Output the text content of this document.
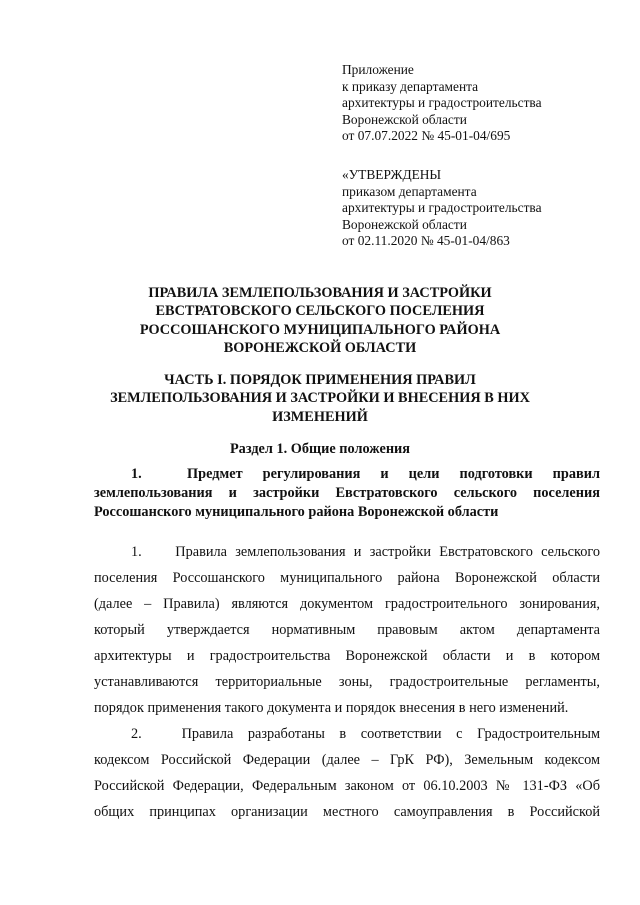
Приложение
к приказу департамента
архитектуры и градостроительства
Воронежской области
от 07.07.2022 № 45-01-04/695
«УТВЕРЖДЕНЫ
приказом департамента
архитектуры и градостроительства
Воронежской области
от 02.11.2020 № 45-01-04/863
ПРАВИЛА ЗЕМЛЕПОЛЬЗОВАНИЯ И ЗАСТРОЙКИ
ЕВСТРАТОВСКОГО СЕЛЬСКОГО ПОСЕЛЕНИЯ
РОССОШАНСКОГО МУНИЦИПАЛЬНОГО РАЙОНА
ВОРОНЕЖСКОЙ ОБЛАСТИ
ЧАСТЬ I. ПОРЯДОК ПРИМЕНЕНИЯ ПРАВИЛ
ЗЕМЛЕПОЛЬЗОВАНИЯ И ЗАСТРОЙКИ И ВНЕСЕНИЯ В НИХ
ИЗМЕНЕНИЙ
Раздел 1. Общие положения
1.	Предмет регулирования и цели подготовки правил
землепользования и застройки Евстратовского сельского поселения
Россошанского муниципального района Воронежской области
1. Правила землепользования и застройки Евстратовского сельского
поселения Россошанского муниципального района Воронежской области
(далее – Правила) являются документом градостроительного зонирования,
который утверждается нормативным правовым актом департамента
архитектуры и градостроительства Воронежской области и в котором
устанавливаются территориальные зоны, градостроительные регламенты,
порядок применения такого документа и порядок внесения в него изменений.
2.	Правила разработаны в соответствии с Градостроительным
кодексом Российской Федерации (далее – ГрК РФ), Земельным кодексом
Российской Федерации, Федеральным законом от 06.10.2003 № 131-ФЗ «Об
общих принципах организации местного самоуправления в Российской
